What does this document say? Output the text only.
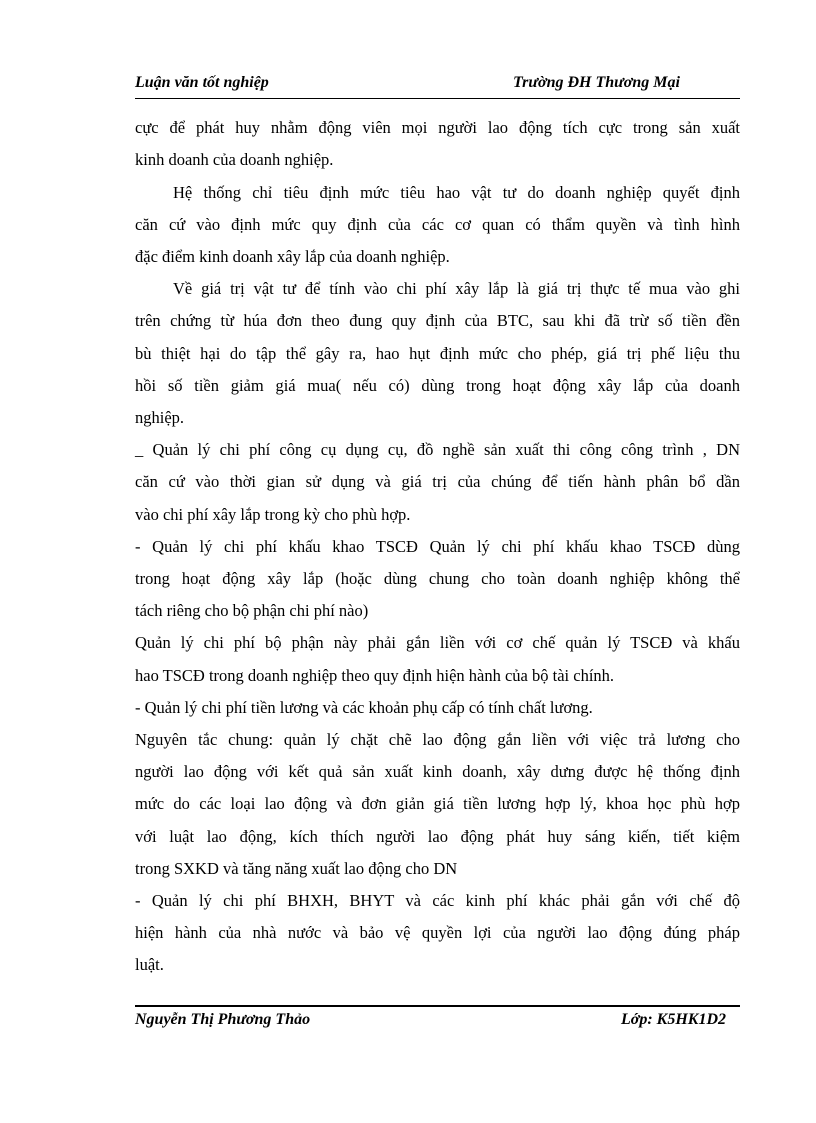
Luận văn tốt nghiệp	Trường ĐH Thương Mại
cực để phát huy nhằm động viên mọi người lao động tích cực trong sản xuất
kinh doanh của doanh nghiệp.
Hệ thống chỉ tiêu định mức tiêu hao vật tư do doanh nghiệp quyết định
căn cứ vào định mức quy định của các cơ quan có thẩm quyền và tình hình
đặc điểm kinh doanh xây lắp của doanh nghiệp.
Về giá trị vật tư để tính vào chi phí xây lắp là giá trị thực tế mua vào ghi
trên chứng từ húa đơn theo đung quy định của BTC, sau khi đã trừ số tiền đền
bù thiệt hại do tập thể gây ra, hao hụt định mức cho phép, giá trị phế liệu thu
hồi số tiền giảm giá mua( nếu có) dùng trong hoạt động xây lắp của doanh
nghiệp.
_ Quản lý chi phí công cụ dụng cụ, đồ nghề sản xuất thi công công trình , DN
căn cứ vào thời gian sử dụng và giá trị của chúng để tiến hành phân bổ dần
vào chi phí xây lắp trong kỳ cho phù hợp.
- Quản lý chi phí khấu khao TSCĐ Quản lý chi phí khấu khao TSCĐ dùng
trong hoạt động xây lắp (hoặc dùng chung cho toàn doanh nghiệp không thể
tách riêng cho bộ phận chi phí nào)
Quản lý chi phí bộ phận này phải gắn liền với cơ chế quản lý TSCĐ và khấu
hao TSCĐ trong doanh nghiệp theo quy định hiện hành của bộ tài chính.
- Quản lý chi phí tiền lương và các khoản phụ cấp có tính chất lương.
Nguyên tắc chung: quản lý chặt chẽ lao động gắn liền với việc trả lương cho
người lao động với kết quả sản xuất kinh doanh, xây dưng được hệ thống định
mức do các loại lao động và đơn giản giá tiền lương hợp lý, khoa học phù hợp
với luật lao động, kích thích người lao động phát huy sáng kiến, tiết kiệm
trong SXKD và tăng năng xuất lao động cho DN
- Quản lý chi phí BHXH, BHYT và các kinh phí khác phải gắn với chế độ
hiện hành của nhà nước và bảo vệ quyền lợi của người lao động đúng pháp
luật.
Nguyễn Thị Phương Thảo	Lớp: K5HK1D2
